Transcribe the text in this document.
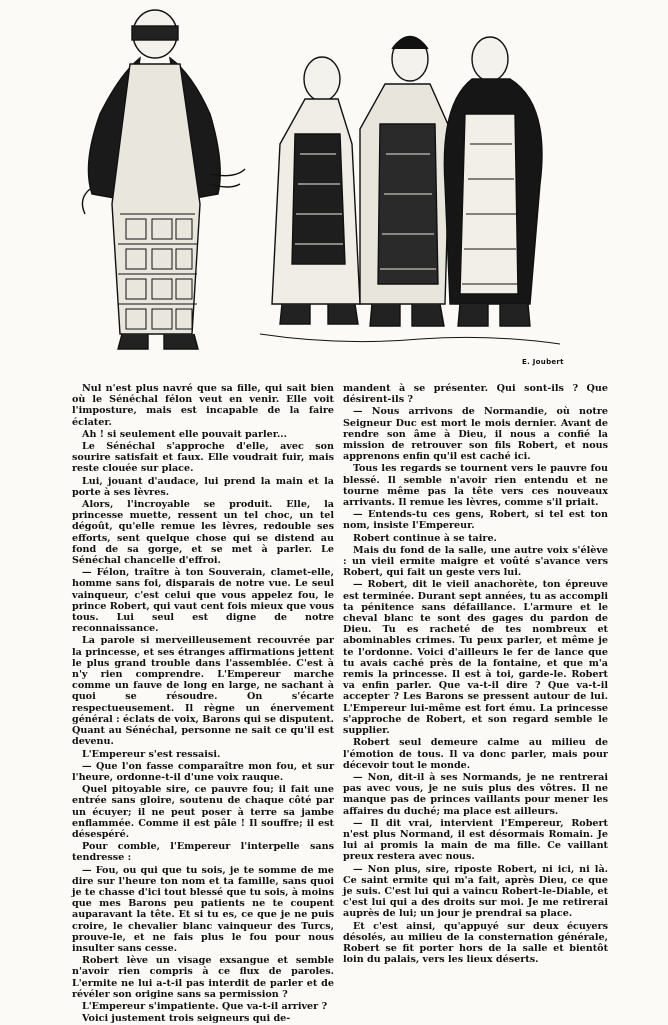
E. Joubert

Nul n'est plus navré que sa fille, qui sait bien où le Sénéchal félon veut en venir. Elle voit l'imposture, mais est incapable de la faire éclater.

Ah ! si seulement elle pouvait parler...

Le Sénéchal s'approche d'elle, avec son sourire satisfait et faux. Elle voudrait fuir, mais reste clouée sur place.

Lui, jouant d'audace, lui prend la main et la porte à ses lèvres.

Alors, l'incroyable se produit. Elle, la princesse muette, ressent un tel choc, un tel dégoût, qu'elle remue les lèvres, redouble ses efforts, sent quelque chose qui se distend au fond de sa gorge, et se met à parler. Le Sénéchal chancelle d'effroi.

— Félon, traître à ton Souverain, clamet-elle, homme sans foi, disparais de notre vue. Le seul vainqueur, c'est celui que vous appelez fou, le prince Robert, qui vaut cent fois mieux que vous tous. Lui seul est digne de notre reconnaissance.

La parole si merveilleusement recouvrée par la princesse, et ses étranges affirmations jettent le plus grand trouble dans l'assemblée. C'est à n'y rien comprendre. L'Empereur marche comme un fauve de long en large, ne sachant à quoi se résoudre. On s'écarte respectueusement. Il règne un énervement général : éclats de voix, Barons qui se disputent. Quant au Sénéchal, personne ne sait ce qu'il est devenu.

L'Empereur s'est ressaisi.

— Que l'on fasse comparaître mon fou, et sur l'heure, ordonne-t-il d'une voix rauque.

Quel pitoyable sire, ce pauvre fou; il fait une entrée sans gloire, soutenu de chaque côté par un écuyer; il ne peut poser à terre sa jambe enflammée. Comme il est pâle ! Il souffre; il est désespéré.

Pour comble, l'Empereur l'interpelle sans tendresse :

— Fou, ou qui que tu sois, je te somme de me dire sur l'heure ton nom et ta famille, sans quoi je te chasse d'ici tout blessé que tu sois, à moins que mes Barons peu patients ne te coupent auparavant la tête. Et si tu es, ce que je ne puis croire, le chevalier blanc vainqueur des Turcs, prouve-le, et ne fais plus le fou pour nous insulter sans cesse.

Robert lève un visage exsangue et semble n'avoir rien compris à ce flux de paroles. L'ermite ne lui a-t-il pas interdit de parler et de révéler son origine sans sa permission ?

L'Empereur s'impatiente. Que va-t-il arriver ?

Voici justement trois seigneurs qui de-

mandent à se présenter. Qui sont-ils ? Que désirent-ils ?

— Nous arrivons de Normandie, où notre Seigneur Duc est mort le mois dernier. Avant de rendre son âme à Dieu, il nous a confié la mission de retrouver son fils Robert, et nous apprenons enfin qu'il est caché ici.

Tous les regards se tournent vers le pauvre fou blessé. Il semble n'avoir rien entendu et ne tourne même pas la tête vers ces nouveaux arrivants. Il remue les lèvres, comme s'il priait.

— Entends-tu ces gens, Robert, si tel est ton nom, insiste l'Empereur.

Robert continue à se taire.

Mais du fond de la salle, une autre voix s'élève : un vieil ermite maigre et voûté s'avance vers Robert, qui fait un geste vers lui.

— Robert, dit le vieil anachorète, ton épreuve est terminée. Durant sept années, tu as accompli ta pénitence sans défaillance. L'armure et le cheval blanc te sont des gages du pardon de Dieu. Tu es racheté de tes nombreux et abominables crimes. Tu peux parler, et même je te l'ordonne. Voici d'ailleurs le fer de lance que tu avais caché près de la fontaine, et que m'a remis la princesse. Il est à toi, garde-le. Robert va enfin parler. Que va-t-il dire ? Que va-t-il accepter ? Les Barons se pressent autour de lui. L'Empereur lui-même est fort ému. La princesse s'approche de Robert, et son regard semble le supplier.

Robert seul demeure calme au milieu de l'émotion de tous. Il va donc parler, mais pour décevoir tout le monde.

— Non, dit-il à ses Normands, je ne rentrerai pas avec vous, je ne suis plus des vôtres. Il ne manque pas de princes vaillants pour mener les affaires du duché; ma place est ailleurs.

— Il dit vrai, intervient l'Empereur, Robert n'est plus Normand, il est désormais Romain. Je lui ai promis la main de ma fille. Ce vaillant preux restera avec nous.

— Non plus, sire, riposte Robert, ni ici, ni là. Ce saint ermite qui m'a fait, après Dieu, ce que je suis. C'est lui qui a vaincu Robert-le-Diable, et c'est lui qui a des droits sur moi. Je me retirerai auprès de lui; un jour je prendrai sa place.

Et c'est ainsi, qu'appuyé sur deux écuyers désolés, au milieu de la consternation générale, Robert se fit porter hors de la salle et bientôt loin du palais, vers les lieux déserts.
